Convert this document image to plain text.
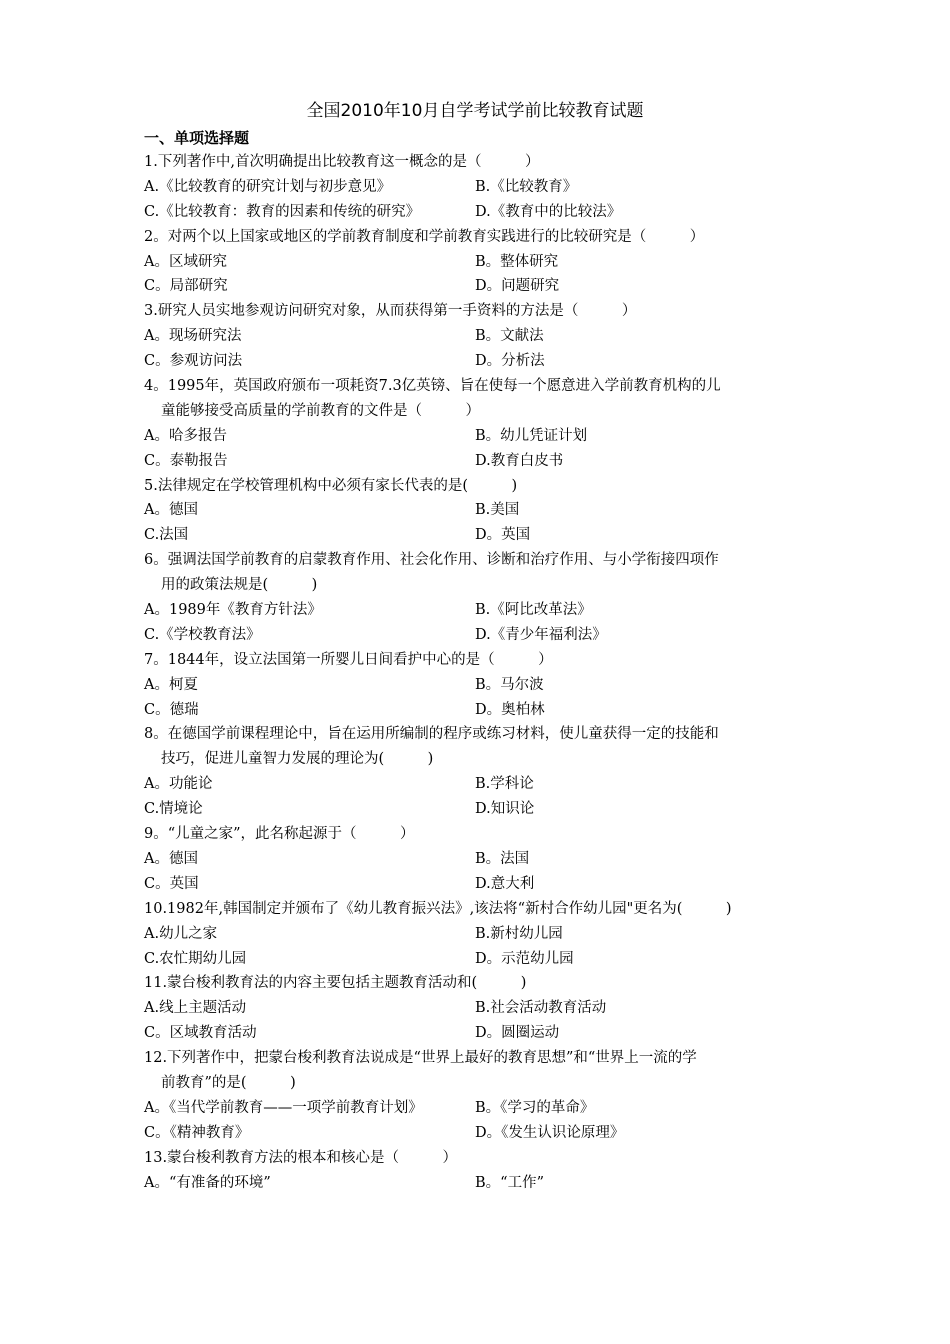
全国2010年10月自学考试学前比较教育试题
一、单项选择题
1.下列著作中,首次明确提出比较教育这一概念的是（　　　）
A.《比较教育的研究计划与初步意见》	B.《比较教育》
C.《比较教育：教育的因素和传统的研究》	D.《教育中的比较法》
2。对两个以上国家或地区的学前教育制度和学前教育实践进行的比较研究是（　　　）
A。区域研究	B。整体研究
C。局部研究	D。问题研究
3.研究人员实地参观访问研究对象，从而获得第一手资料的方法是（　　　）
A。现场研究法	B。文献法
C。参观访问法	D。分析法
4。1995年，英国政府颁布一项耗资7.3亿英镑、旨在使每一个愿意进入学前教育机构的儿
童能够接受高质量的学前教育的文件是（　　　）
A。哈多报告	B。幼儿凭证计划
C。泰勒报告	D.教育白皮书
5.法律规定在学校管理机构中必须有家长代表的是(　　　)
A。德国	B.美国
C.法国	D。英国
6。强调法国学前教育的启蒙教育作用、社会化作用、诊断和治疗作用、与小学衔接四项作
用的政策法规是(　　　)
A。1989年《教育方针法》	B.《阿比改革法》
C.《学校教育法》	D.《青少年福利法》
7。1844年，设立法国第一所婴儿日间看护中心的是（　　　）
A。柯夏	B。马尔波
C。德瑞	D。奥柏林
8。在德国学前课程理论中，旨在运用所编制的程序或练习材料，使儿童获得一定的技能和
技巧，促进儿童智力发展的理论为(　　　)
A。功能论	B.学科论
C.情境论	D.知识论
9。“儿童之家”，此名称起源于（　　　）
A。德国	B。法国
C。英国	D.意大利
10.1982年,韩国制定并颁布了《幼儿教育振兴法》,该法将“新村合作幼儿园"更名为(　　　)
A.幼儿之家	B.新村幼儿园
C.农忙期幼儿园	D。示范幼儿园
11.蒙台梭利教育法的内容主要包括主题教育活动和(　　　)
A.线上主题活动	B.社会活动教育活动
C。区域教育活动	D。圆圈运动
12.下列著作中，把蒙台梭利教育法说成是“世界上最好的教育思想”和“世界上一流的学
前教育”的是(　　　)
A。《当代学前教育——一项学前教育计划》	B。《学习的革命》
C。《精神教育》	D。《发生认识论原理》
13.蒙台梭利教育方法的根本和核心是（　　　）
A。“有准备的环境”	B。“工作”
